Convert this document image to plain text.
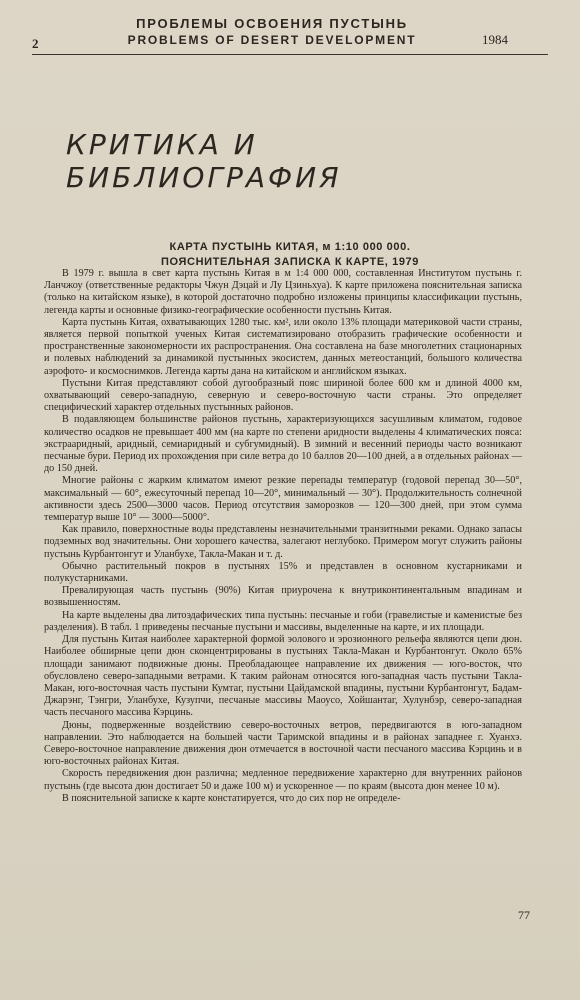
2
ПРОБЛЕМЫ ОСВОЕНИЯ ПУСТЫНЬ
PROBLEMS OF DESERT DEVELOPMENT	1984
КРИТИКА И БИБЛИОГРАФИЯ
КАРТА ПУСТЫНЬ КИТАЯ, м 1:10 000 000.
ПОЯСНИТЕЛЬНАЯ ЗАПИСКА К КАРТЕ, 1979

В 1979 г. вышла в свет карта пустынь Китая в м 1:4 000 000, составленная Институтом пустынь г. Ланчжоу (ответственные редакторы Чжун Дэцай и Лу Цзиньхуа). К карте приложена пояснительная записка (только на китайском языке), в которой достаточно подробно изложены принципы классификации пустынь, легенда карты и основные физико-географические особенности пустынь Китая.

Карта пустынь Китая, охватывающих 1280 тыс. км², или около 13% площади материковой части страны, является первой попыткой ученых Китая систематизировано отобразить графические особенности и пространственные закономерности их распространения. Она составлена на базе многолетних стационарных и полевых наблюдений за динамикой пустынных экосистем, данных метеостанций, большого количества аэрофото- и космоснимков. Легенда карты дана на китайском и английском языках.

Пустыни Китая представляют собой дугообразный пояс шириной более 600 км и длиной 4000 км, охватывающий северо-западную, северную и северо-восточную части страны. Это определяет специфический характер отдельных пустынных районов.

В подавляющем большинстве районов пустынь, характеризующихся засушливым климатом, годовое количество осадков не превышает 400 мм (на карте по степени аридности выделены 4 климатических пояса: экстрааридный, аридный, семиаридный и субгумидный). В зимний и весенний периоды часто возникают песчаные бури. Период их прохождения при силе ветра до 10 баллов 20—100 дней, а в отдельных районах — до 150 дней.

Многие районы с жарким климатом имеют резкие перепады температур (годовой перепад 30—50°, максимальный — 60°, ежесуточный перепад 10—20°, минимальный — 30°). Продолжительность солнечной активности здесь 2500—3000 часов. Период отсутствия заморозков — 120—300 дней, при этом сумма температур выше 10° — 3000—5000°.

Как правило, поверхностные воды представлены незначительными транзитными реками. Однако запасы подземных вод значительны. Они хорошего качества, залегают неглубоко. Примером могут служить районы пустынь Курбантонгут и Уланбухе, Такла-Макан и т. д.

Обычно растительный покров в пустынях 15% и представлен в основном кустарниками и полукустарниками.

Превалирующая часть пустынь (90%) Китая приурочена к внутриконтинентальным впадинам и возвышенностям.

На карте выделены два литоэдафических типа пустынь: песчаные и гоби (гравелистые и каменистые без разделения). В табл. 1 приведены песчаные пустыни и массивы, выделенные на карте, и их площади.

Для пустынь Китая наиболее характерной формой эолового и эрозионного рельефа являются цепи дюн. Наиболее обширные цепи дюн сконцентрированы в пустынях Такла-Макан и Курбантонгут. Около 65% площади занимают подвижные дюны. Преобладающее направление их движения — юго-восток, что обусловлено северо-западными ветрами. К таким районам относятся юго-западная часть пустыни Такла-Макан, юго-восточная часть пустыни Кумтаг, пустыни Цайдамской впадины, пустыни Курбантонгут, Бадам-Джарэнг, Тэнгри, Уланбухе, Кузупчи, песчаные массивы Маоусо, Хойшантаг, Хулунбэр, северо-западная часть песчаного массива Кэрцинь.

Дюны, подверженные воздействию северо-восточных ветров, передвигаются в юго-западном направлении. Это наблюдается на большей части Таримской впадины и в районах западнее г. Хуанхэ. Северо-восточное направление движения дюн отмечается в восточной части песчаного массива Кэрцинь и в юго-восточных районах Китая.

Скорость передвижения дюн различна; медленное передвижение характерно для внутренних районов пустынь (где высота дюн достигает 50 и даже 100 м) и ускоренное — по краям (высота дюн менее 10 м).

В пояснительной записке к карте констатируется, что до сих пор не определе-

77
